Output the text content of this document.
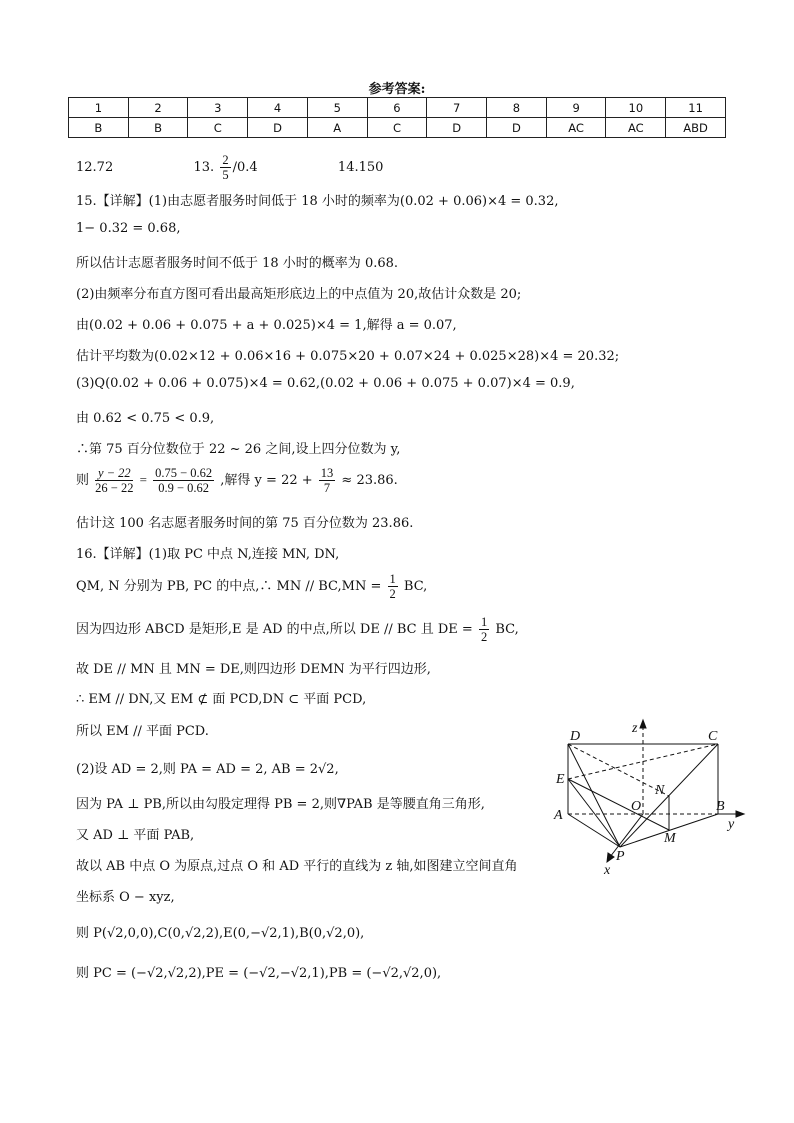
参考答案:
1	2	3	4	5	6	7	8	9	10	11
B	B	C	D	A	C	D	D	AC	AC	ABD
12.72	13. $\frac{2}{5} /0.4$	14.150
15.【详解】(1)由志愿者服务时间低于 18 小时的频率为(0.02 + 0.06)×4 = 0.32,
1− 0.32 = 0.68,
所以估计志愿者服务时间不低于 18 小时的概率为 0.68.
(2)由频率分布直方图可看出最高矩形底边上的中点值为 20,故估计众数是 20;
由(0.02 + 0.06 + 0.075 + a + 0.025)×4 = 1,解得 a = 0.07,
估计平均数为(0.02×12 + 0.06×16 + 0.075×20 + 0.07×24 + 0.025×28)×4 = 20.32;
(3)Q(0.02 + 0.06 + 0.075)×4 = 0.62,(0.02 + 0.06 + 0.075 + 0.07)×4 = 0.9,
由 0.62 < 0.75 < 0.9,
∴第 75 百分位数位于 22 ~ 26 之间,设上四分位数为 y,
则 $\frac{y - 22}{26 - 22} = \frac{0.75 - 0.62}{0.9 - 0.62}$ ,解得 $y = 22 + \frac{13}{7} \approx 23.86$.
估计这 100 名志愿者服务时间的第 75 百分位数为 23.86.
16.【详解】(1)取 PC 中点 N,连接 MN, DN,
QM, N 分别为 PB, PC 的中点,∴ MN // $BC,MN = \frac{1}{2}$ BC,
因为四边形 ABCD 是矩形,E 是 AD 的中点,所以 DE // BC 且 DE = $\frac{1}{2}$ BC,
故 DE // MN 且 MN = DE,则四边形 DEMN 为平行四边形,
∴ EM // DN,又 EM ⊄ 面 PCD,DN ⊂ 平面 PCD,
所以 EM // 平面 PCD.
(2)设 AD = 2,则 PA = AD = 2, AB = 2√2,
因为 PA ⊥ PB,所以由勾股定理得 PB = 2,则∇PAB 是等腰直角三角形,
又 AD ⊥ 平面 PAB,
故以 AB 中点 O 为原点,过点 O 和 AD 平行的直线为 z 轴,如图建立空间直角
坐标系 O − xyz,
则 P(√2,0,0),C(0,√2,2),E(0,−√2,1),B(0,√2,0),
则 PC = (−√2,√2,2),PE = (−√2,−√2,1),PB = (−√2,√2,0),
D	C
z
E
N
O	B
A
y
M
P
x
